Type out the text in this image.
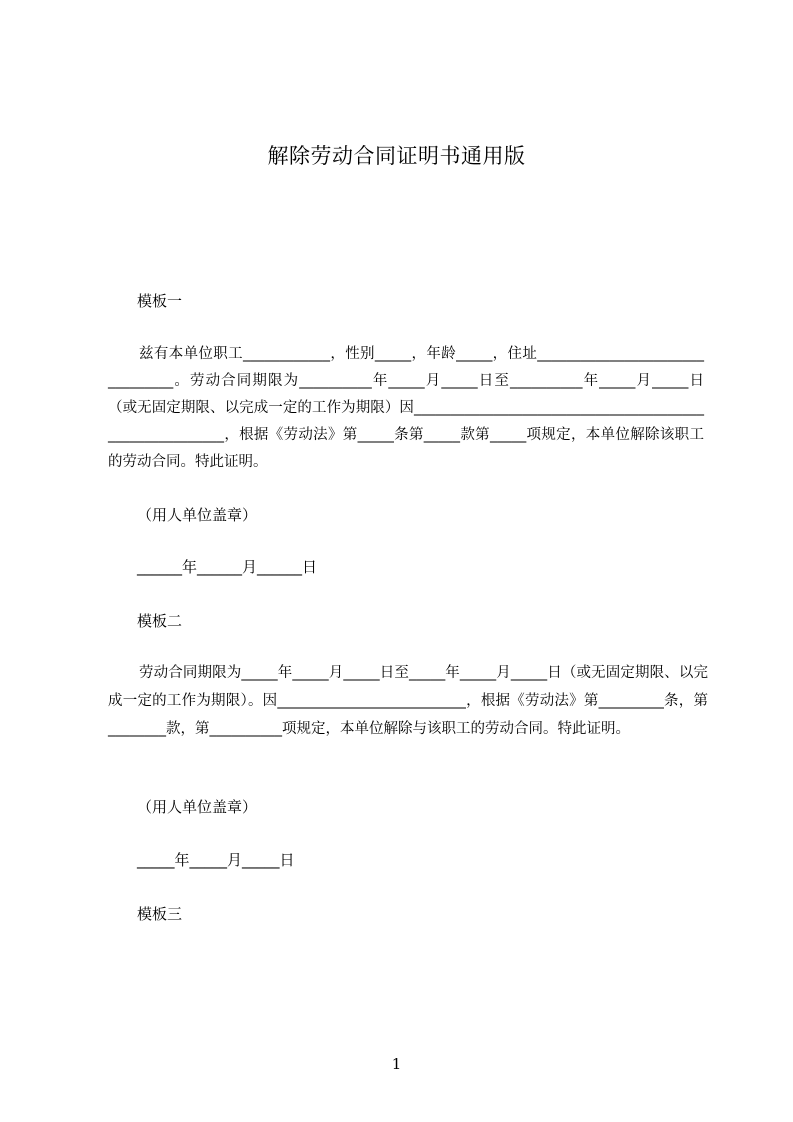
解除劳动合同证明书通用版
模板一
兹有本单位职工____________，性别_____，年龄_____，住址________________________________。劳动合同期限为__________年_____月_____日至__________年_____月_____日（或无固定期限、以完成一定的工作为期限）因________________________________________________________，根据《劳动法》第_____条第_____款第_____项规定，本单位解除该职工的劳动合同。特此证明。
（用人单位盖章）
______年______月______日
模板二
劳动合同期限为_____年_____月_____日至_____年_____月_____日（或无固定期限、以完成一定的工作为期限）。因__________________________，根据《劳动法》第_________条，第________款，第__________项规定，本单位解除与该职工的劳动合同。特此证明。
（用人单位盖章）
_____年_____月_____日
模板三
1
